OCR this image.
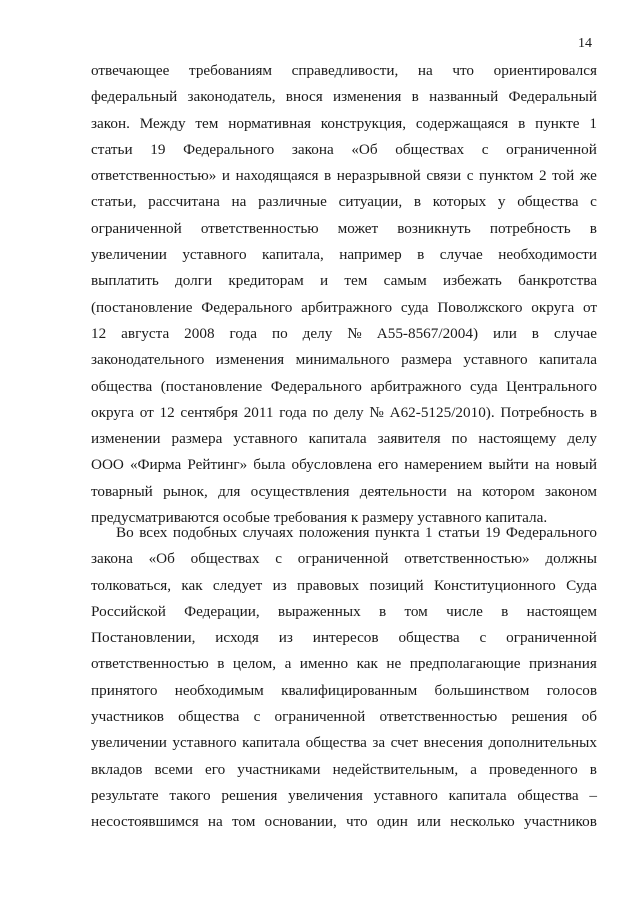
14
отвечающее требованиям справедливости, на что ориентировался
федеральный законодатель, внося изменения в названный Федеральный
закон. Между тем нормативная конструкция, содержащаяся в пункте 1
статьи 19 Федерального закона «Об обществах с ограниченной
ответственностью» и находящаяся в неразрывной связи с пунктом 2 той же
статьи, рассчитана на различные ситуации, в которых у общества с
ограниченной ответственностью может возникнуть потребность в
увеличении уставного капитала, например в случае необходимости
выплатить долги кредиторам и тем самым избежать банкротства
(постановление Федерального арбитражного суда Поволжского округа от
12 августа 2008 года по делу № А55-8567/2004) или в случае
законодательного изменения минимального размера уставного капитала
общества (постановление Федерального арбитражного суда Центрального
округа от 12 сентября 2011 года по делу № А62-5125/2010). Потребность в
изменении размера уставного капитала заявителя по настоящему делу
ООО «Фирма Рейтинг» была обусловлена его намерением выйти на новый
товарный рынок, для осуществления деятельности на котором законом
предусматриваются особые требования к размеру уставного капитала.
Во всех подобных случаях положения пункта 1 статьи 19 Федерального
закона «Об обществах с ограниченной ответственностью» должны
толковаться, как следует из правовых позиций Конституционного Суда
Российской Федерации, выраженных в том числе в настоящем
Постановлении, исходя из интересов общества с ограниченной
ответственностью в целом, а именно как не предполагающие признания
принятого необходимым квалифицированным большинством голосов
участников общества с ограниченной ответственностью решения об
увеличении уставного капитала общества за счет внесения дополнительных
вкладов всеми его участниками недействительным, а проведенного в
результате такого решения увеличения уставного капитала общества –
несостоявшимся на том основании, что один или несколько участников
